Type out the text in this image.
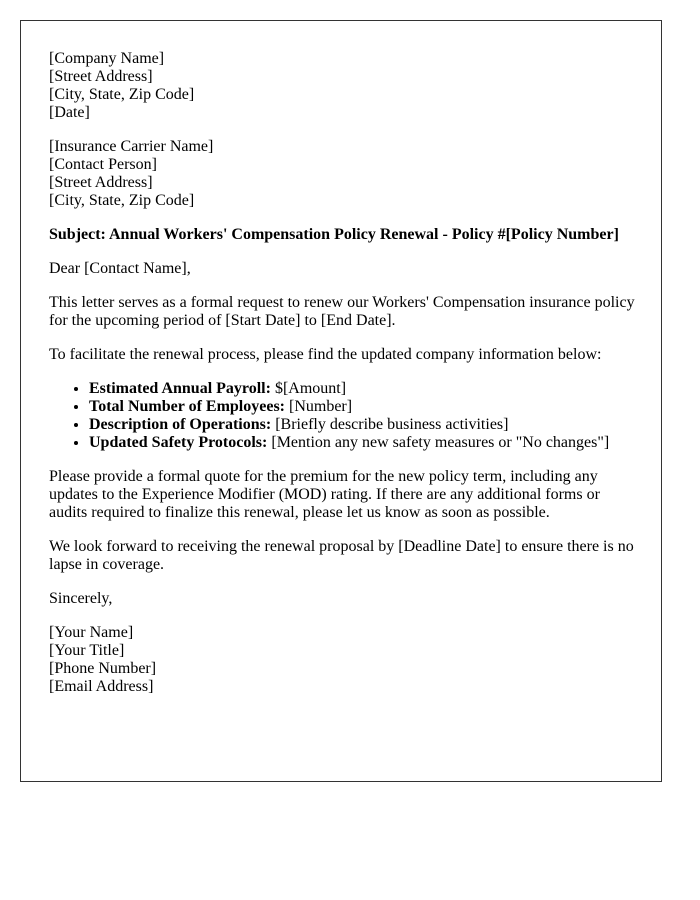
[Company Name]
[Street Address]
[City, State, Zip Code]
[Date]
[Insurance Carrier Name]
[Contact Person]
[Street Address]
[City, State, Zip Code]

Subject: Annual Workers' Compensation Policy Renewal - Policy #[Policy Number]

Dear [Contact Name],

This letter serves as a formal request to renew our Workers' Compensation insurance policy for the upcoming period of [Start Date] to [End Date].

To facilitate the renewal process, please find the updated company information below:

• Estimated Annual Payroll: $[Amount]
• Total Number of Employees: [Number]
• Description of Operations: [Briefly describe business activities]
• Updated Safety Protocols: [Mention any new safety measures or "No changes"]

Please provide a formal quote for the premium for the new policy term, including any updates to the Experience Modifier (MOD) rating. If there are any additional forms or audits required to finalize this renewal, please let us know as soon as possible.

We look forward to receiving the renewal proposal by [Deadline Date] to ensure there is no lapse in coverage.

Sincerely,

[Your Name]
[Your Title]
[Phone Number]
[Email Address]
